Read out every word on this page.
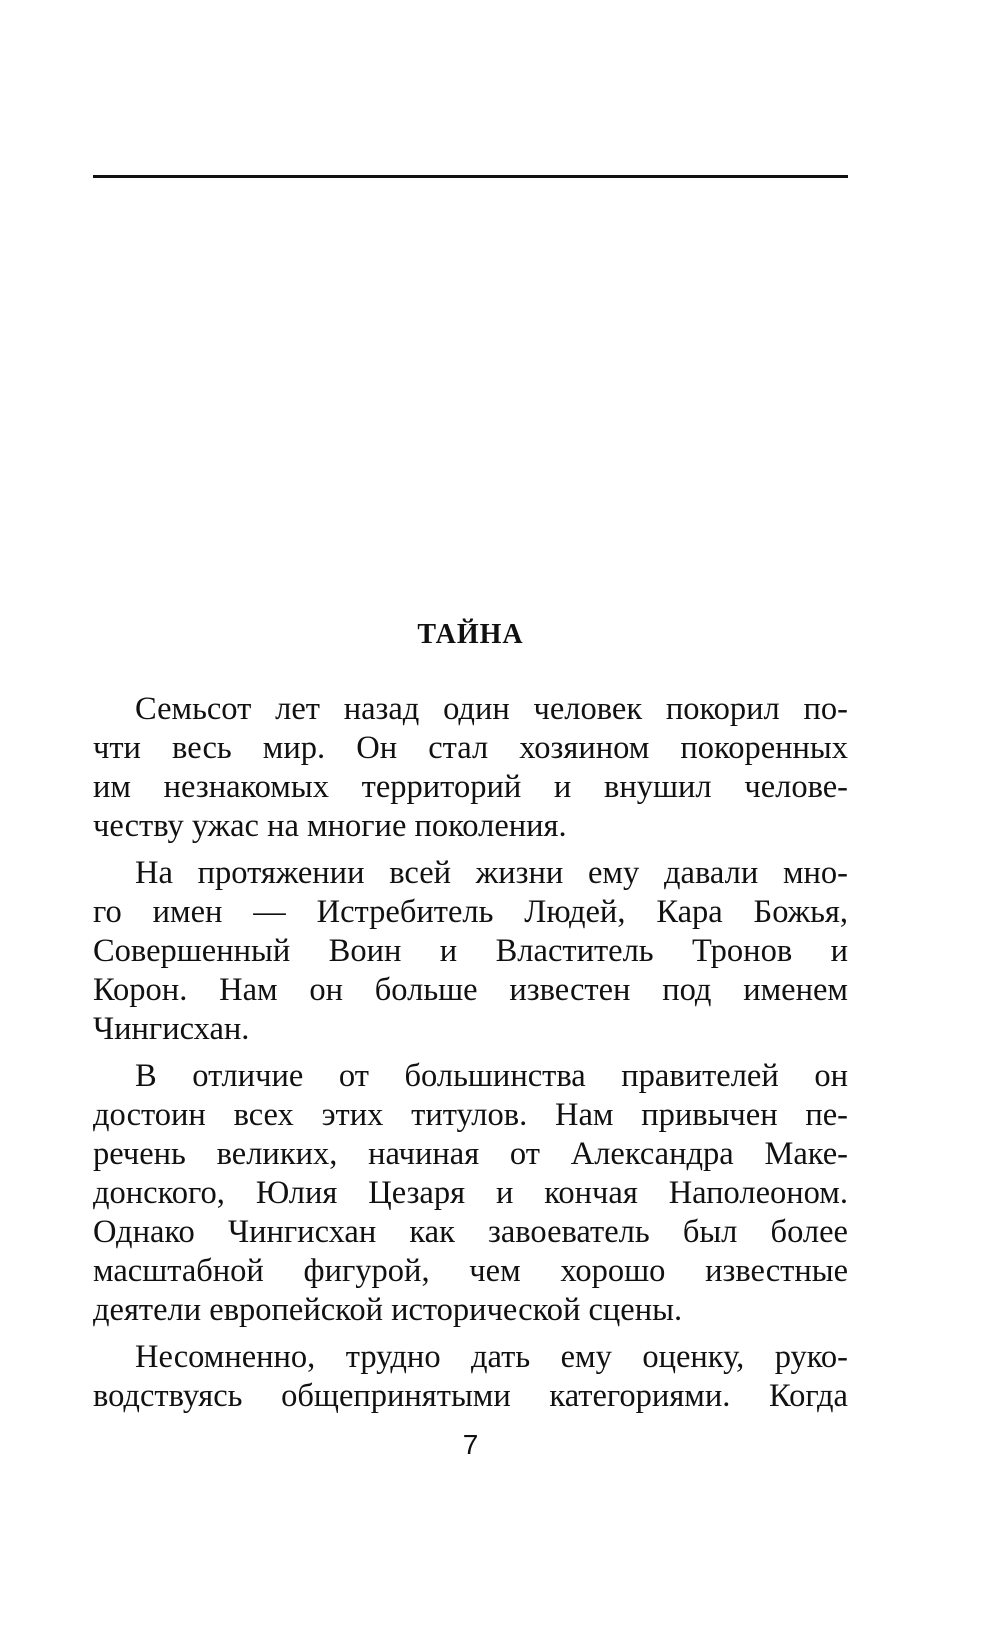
ТАЙНА
Семьсот лет назад один человек покорил по-
чти весь мир. Он стал хозяином покоренных
им незнакомых территорий и внушил челове-
честву ужас на многие поколения.
На протяжении всей жизни ему давали мно-
го имен — Истребитель Людей, Кара Божья,
Совершенный Воин и Властитель Тронов и
Корон. Нам он больше известен под именем
Чингисхан.
В отличие от большинства правителей он
достоин всех этих титулов. Нам привычен пе-
речень великих, начиная от Александра Маке-
донского, Юлия Цезаря и кончая Наполеоном.
Однако Чингисхан как завоеватель был более
масштабной фигурой, чем хорошо известные
деятели европейской исторической сцены.
Несомненно, трудно дать ему оценку, руко-
водствуясь общепринятыми категориями. Когда
7
